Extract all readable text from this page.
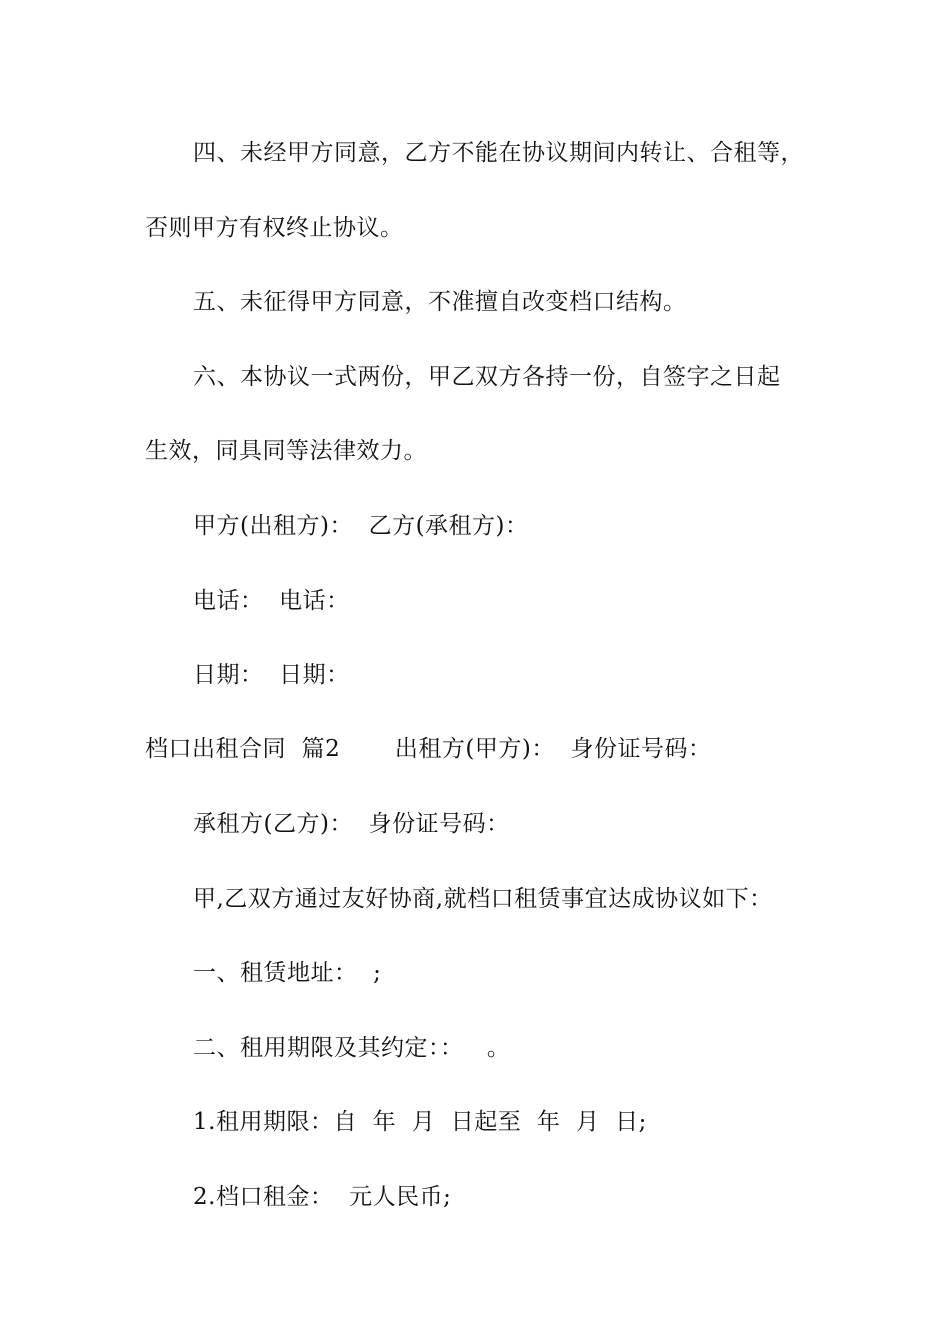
四、未经甲方同意，乙方不能在协议期间内转让、合租等，
否则甲方有权终止协议。
五、未征得甲方同意，不准擅自改变档口结构。
六、本协议一式两份，甲乙双方各持一份，自签字之日起
生效，同具同等法律效力。
甲方(出租方)：  乙方(承租方)：
电话：  电话：
日期：  日期：
档口出租合同  篇2       出租方(甲方)：  身份证号码：
承租方(乙方)：  身份证号码：
甲,乙双方通过友好协商,就档口租赁事宜达成协议如下：
一、租赁地址：  ;
二、租用期限及其约定：：   。
1.租用期限：自  年  月  日起至  年  月  日;
2.档口租金：  元人民币;
